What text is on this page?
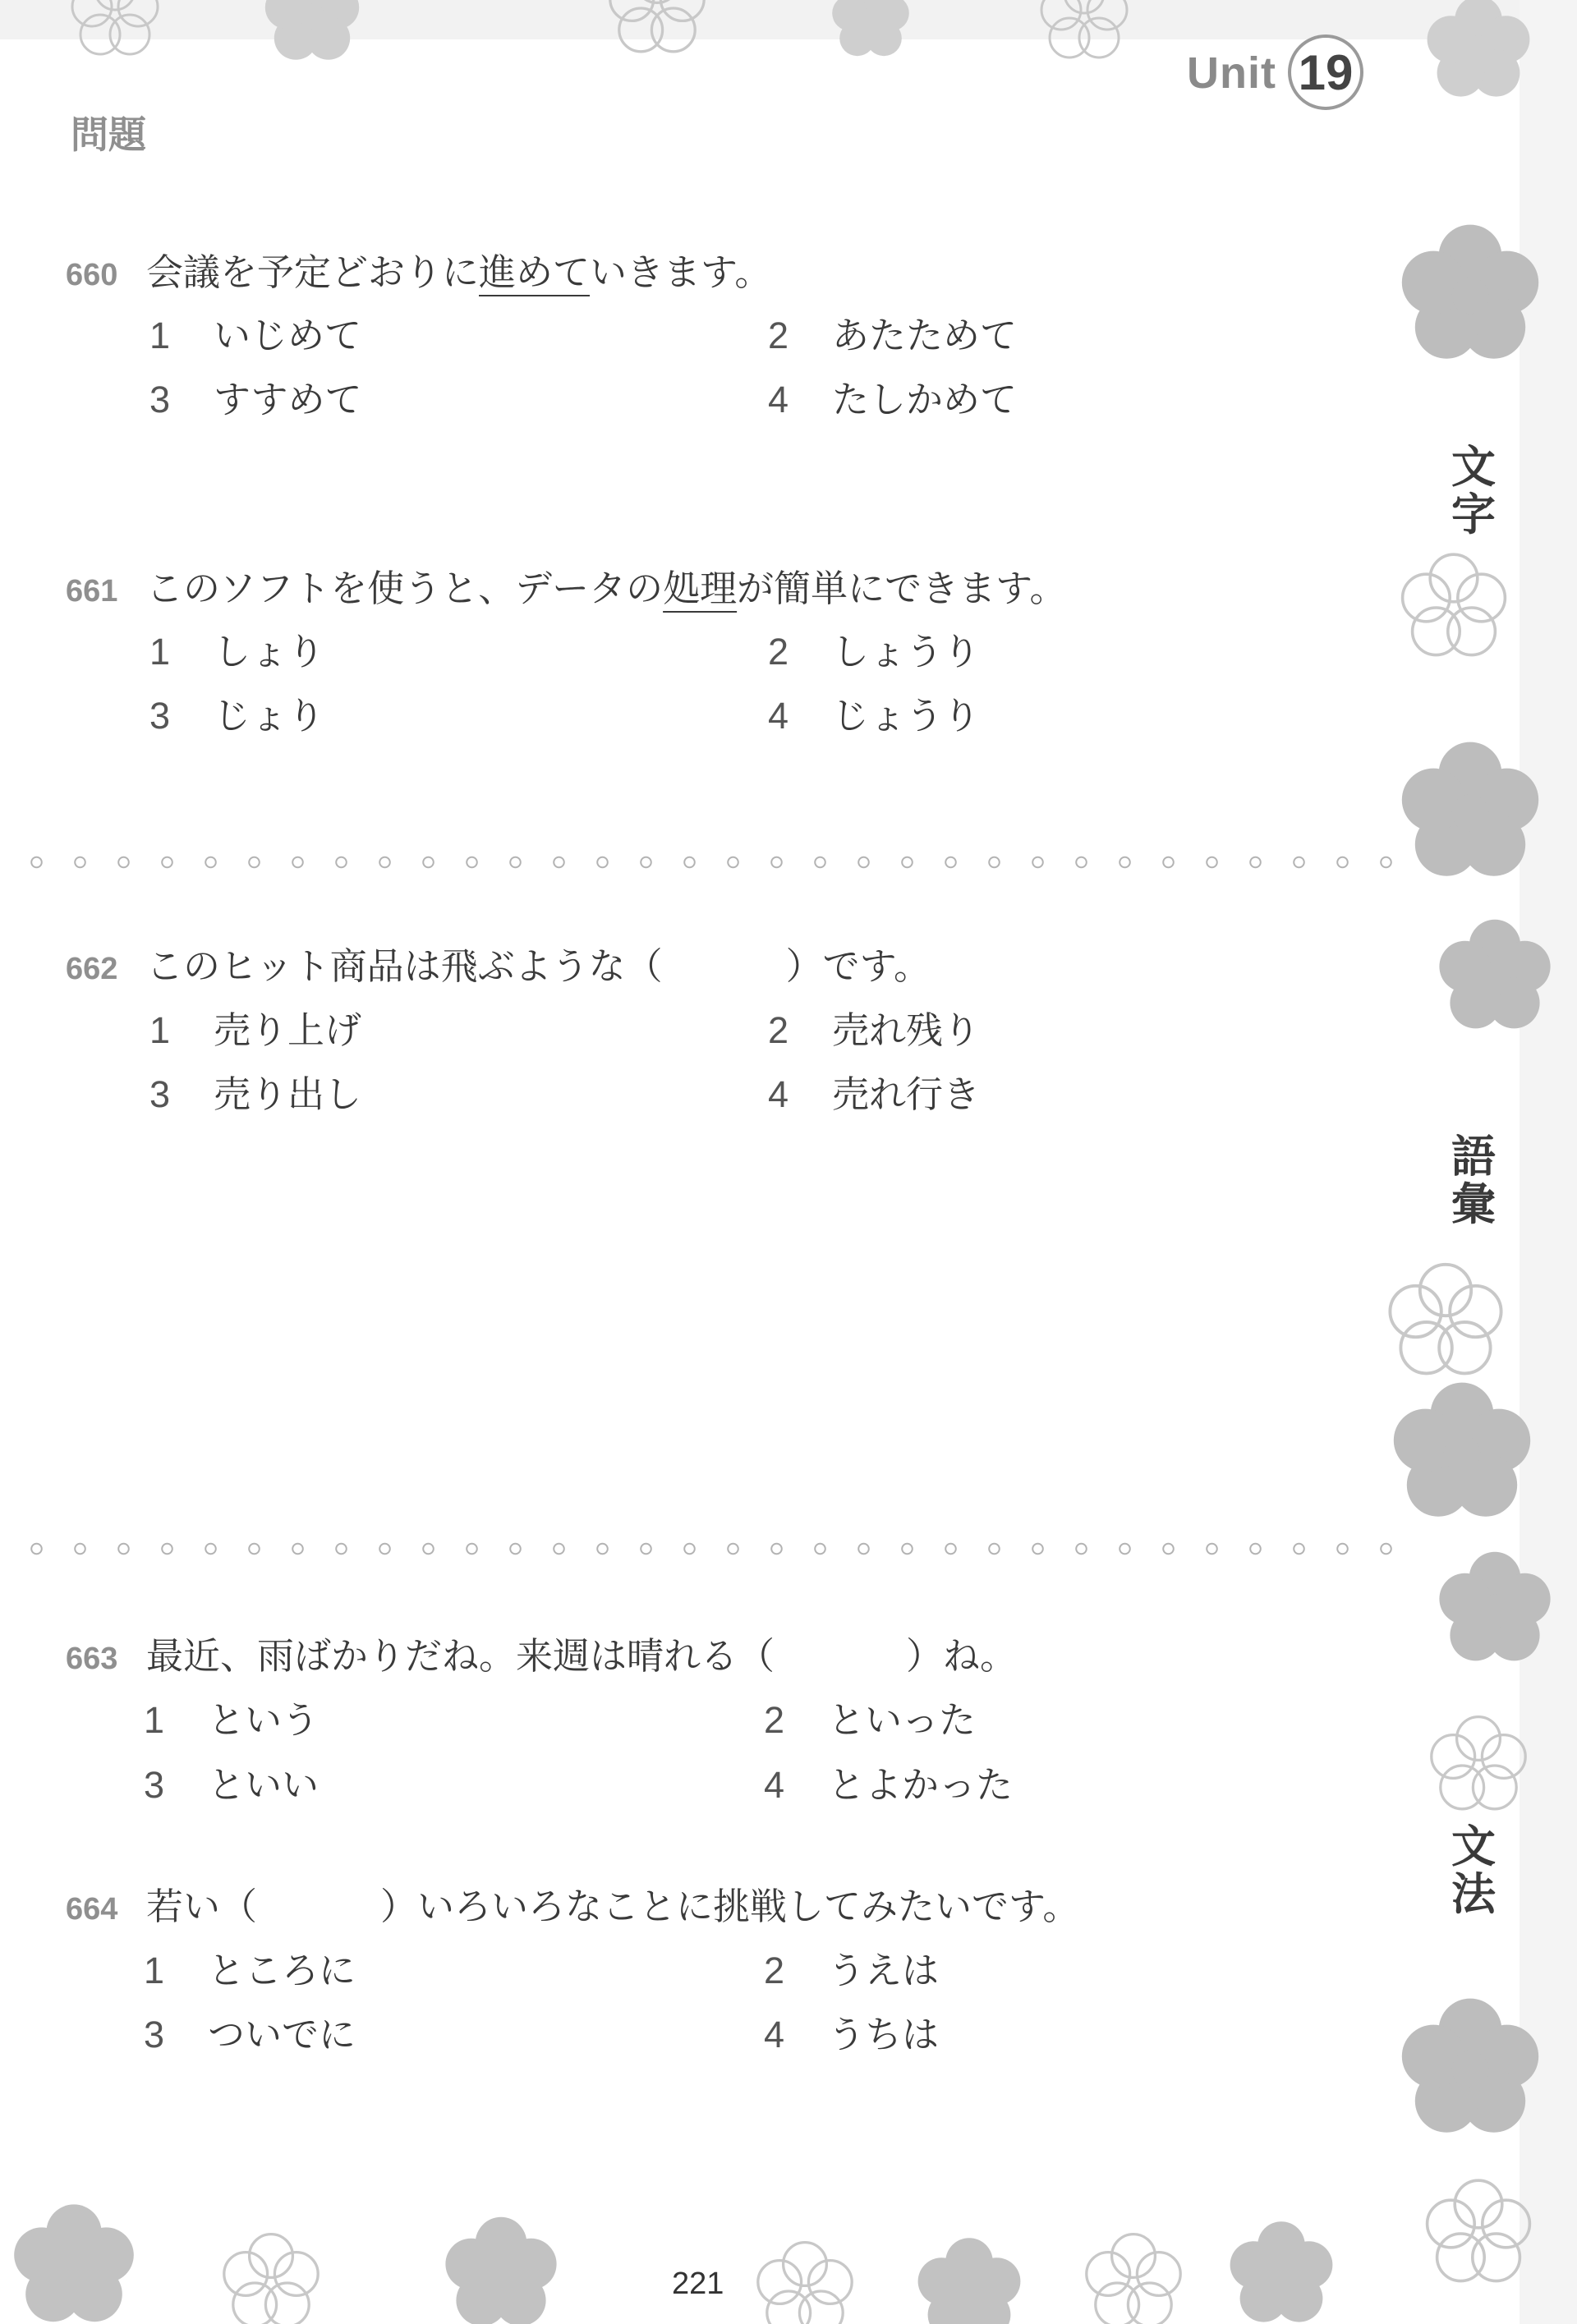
Unit 19
問題
文
字
語
彙
文
法
660 会議を予定どおりに進めていきます。
1 いじめて	2 あたためて
3 すすめて	4 たしかめて
661 このソフトを使うと、データの処理が簡単にできます。
1 しょり	2 しょうり
3 じょり	4 じょうり
662 このヒット商品は飛ぶような（	）です。
1 売り上げ	2 売れ残り
3 売り出し	4 売れ行き
663 最近、雨ばかりだね。来週は晴れる（	）ね。
1 という	2 といった
3 といい	4 とよかった
664 若い（	）いろいろなことに挑戦してみたいです。
1 ところに	2 うえは
3 ついでに	4 うちは
221
